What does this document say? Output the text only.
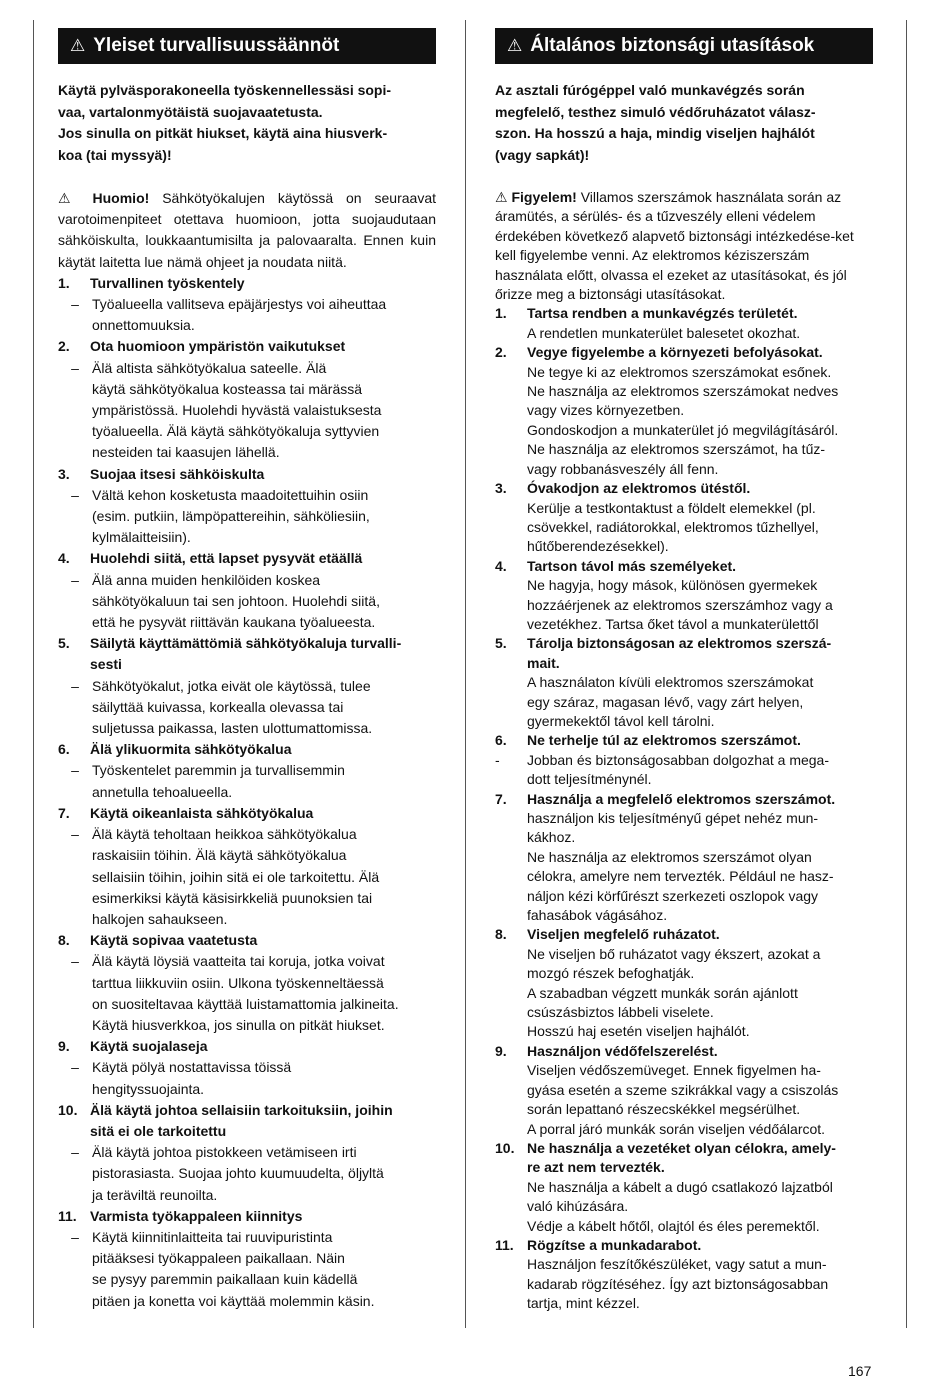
⚠ Yleiset turvallisuussäännöt

Käytä pylväsporakoneella työskennellessäsi sopi-

vaa, vartalonmyötäistä suojavaatetusta.

Jos sinulla on pitkät hiukset, käytä aina hiusverk-

koa (tai myssyä)!

⚠ Huomio! Sähkötyökalujen käytössä on seuraavat varotoimenpiteet otettava huomioon, jotta suojaudutaan sähköiskulta, loukkaantumisilta ja palovaaralta. Ennen kuin käytät laitetta lue nämä ohjeet ja noudata niitä.
1.	Turvallinen työskentely
– Työalueella vallitseva epäjärjestys voi aiheuttaa
onnettomuuksia.
2.	Ota huomioon ympäristön vaikutukset
– Älä altista sähkötyökalua sateelle. Älä
käytä sähkötyökalua kosteassa tai märässä
ympäristössä. Huolehdi hyvästä valaistuksesta
työalueella. Älä käytä sähkötyökaluja syttyvien
nesteiden tai kaasujen lähellä.
3.	Suojaa itsesi sähköiskulta
– Vältä kehon kosketusta maadoitettuihin osiin
(esim. putkiin, lämpöpattereihin, sähköliesiin,
kylmälaitteisiin).
4.	Huolehdi siitä, että lapset pysyvät etäällä
– Älä anna muiden henkilöiden koskea
sähkötyökaluun tai sen johtoon. Huolehdi siitä,
että he pysyvät riittävän kaukana työalueesta.
5.	Säilytä käyttämättömiä sähkötyökaluja turvalli-
sesti
– Sähkötyökalut, jotka eivät ole käytössä, tulee
säilyttää kuivassa, korkealla olevassa tai
suljetussa paikassa, lasten ulottumattomissa.
6.	Älä ylikuormita sähkötyökalua
– Työskentelet paremmin ja turvallisemmin
annetulla tehoalueella.
7.	Käytä oikeanlaista sähkötyökalua
– Älä käytä teholtaan heikkoa sähkötyökalua
raskaisiin töihin. Älä käytä sähkötyökalua
sellaisiin töihin, joihin sitä ei ole tarkoitettu. Älä
esimerkiksi käytä käsisirkkeliä puunoksien tai
halkojen sahaukseen.
8.	Käytä sopivaa vaatetusta
– Älä käytä löysiä vaatteita tai koruja, jotka voivat
tarttua liikkuviin osiin. Ulkona työskenneltäessä
on suositeltavaa käyttää luistamattomia jalkineita.
Käytä hiusverkkoa, jos sinulla on pitkät hiukset.
9.	Käytä suojalaseja
– Käytä pölyä nostattavissa töissä
hengityssuojainta.
10. Älä käytä johtoa sellaisiin tarkoituksiin, joihin
sitä ei ole tarkoitettu
– Älä käytä johtoa pistokkeen vetämiseen irti
pistorasiasta. Suojaa johto kuumuudelta, öljyltä
ja teräviltä reunoilta.
11. Varmista työkappaleen kiinnitys
– Käytä kiinnitinlaitteita tai ruuvipuristinta
pitääksesi työkappaleen paikallaan. Näin
se pysyy paremmin paikallaan kuin kädellä
pitäen ja konetta voi käyttää molemmin käsin.
⚠ Általános biztonsági utasítások

Az asztali fúrógéppel való munkavégzés során

megfelelő, testhez simuló védőruházatot válasz-

szon. Ha hosszú a haja, mindig viseljen hajhálót

(vagy sapkát)!

⚠ Figyelem! Villamos szerszámok használata során az áramütés, a sérülés- és a tűzveszély elleni védelem érdekében következő alapvető biztonsági intézkedése-ket kell figyelembe venni. Az elektromos kéziszerszám használata előtt, olvassa el ezeket az utasításokat, és jól őrizze meg a biztonsági utasításokat.
1.	Tartsa rendben a munkavégzés területét.
A rendetlen munkaterület balesetet okozhat.
2.	Vegye figyelembe a környezeti befolyásokat.
Ne tegye ki az elektromos szerszámokat esőnek.
Ne használja az elektromos szerszámokat nedves
vagy vizes környezetben.
Gondoskodjon a munkaterület jó megvilágításáról.
Ne használja az elektromos szerszámot, ha tűz-
vagy robbanásveszély áll fenn.
3.	Óvakodjon az elektromos ütéstől.
Kerülje a testkontaktust a földelt elemekkel (pl.
csövekkel, radiátorokkal, elektromos tűzhellyel,
hűtőberendezésekkel).
4.	Tartson távol más személyeket.
Ne hagyja, hogy mások, különösen gyermekek
hozzáérjenek az elektromos szerszámhoz vagy a
vezetékhez. Tartsa őket távol a munkaterülettől
5.	Tárolja biztonságosan az elektromos szerszá-
mait.
A használaton kívüli elektromos szerszámokat
egy száraz, magasan lévő, vagy zárt helyen,
gyermekektől távol kell tárolni.
6.	Ne terhelje túl az elektromos szerszámot.
-	Jobban és biztonságosabban dolgozhat a mega-
dott teljesítménynél.
7.	Használja a megfelelő elektromos szerszámot.
használjon kis teljesítményű gépet nehéz mun-
kákhoz.
Ne használja az elektromos szerszámot olyan
célokra, amelyre nem tervezték. Például ne hasz-
náljon kézi körfűrészt szerkezeti oszlopok vagy
fahasábok vágásához.
8.	Viseljen megfelelő ruházatot.
Ne viseljen bő ruházatot vagy ékszert, azokat a
mozgó részek befoghatják.
A szabadban végzett munkák során ajánlott
csúszásbiztos lábbeli viselete.
Hosszú haj esetén viseljen hajhálót.
9.	Használjon védőfelszerelést.
Viseljen védőszemüveget. Ennek figyelmen ha-
gyása esetén a szeme szikrákkal vagy a csiszolás
során lepattanó részecskékkel megsérülhet.
A porral járó munkák során viseljen védőálarcot.
10. Ne használja a vezetéket olyan célokra, amely-
re azt nem tervezték.
Ne használja a kábelt a dugó csatlakozó lajzatból
való kihúzására.
Védje a kábelt hőtől, olajtól és éles peremektől.
11. Rögzítse a munkadarabot.
Használjon feszítőkészüléket, vagy satut a mun-
kadarab rögzítéséhez. Így azt biztonságosabban
tartja, mint kézzel.
167
